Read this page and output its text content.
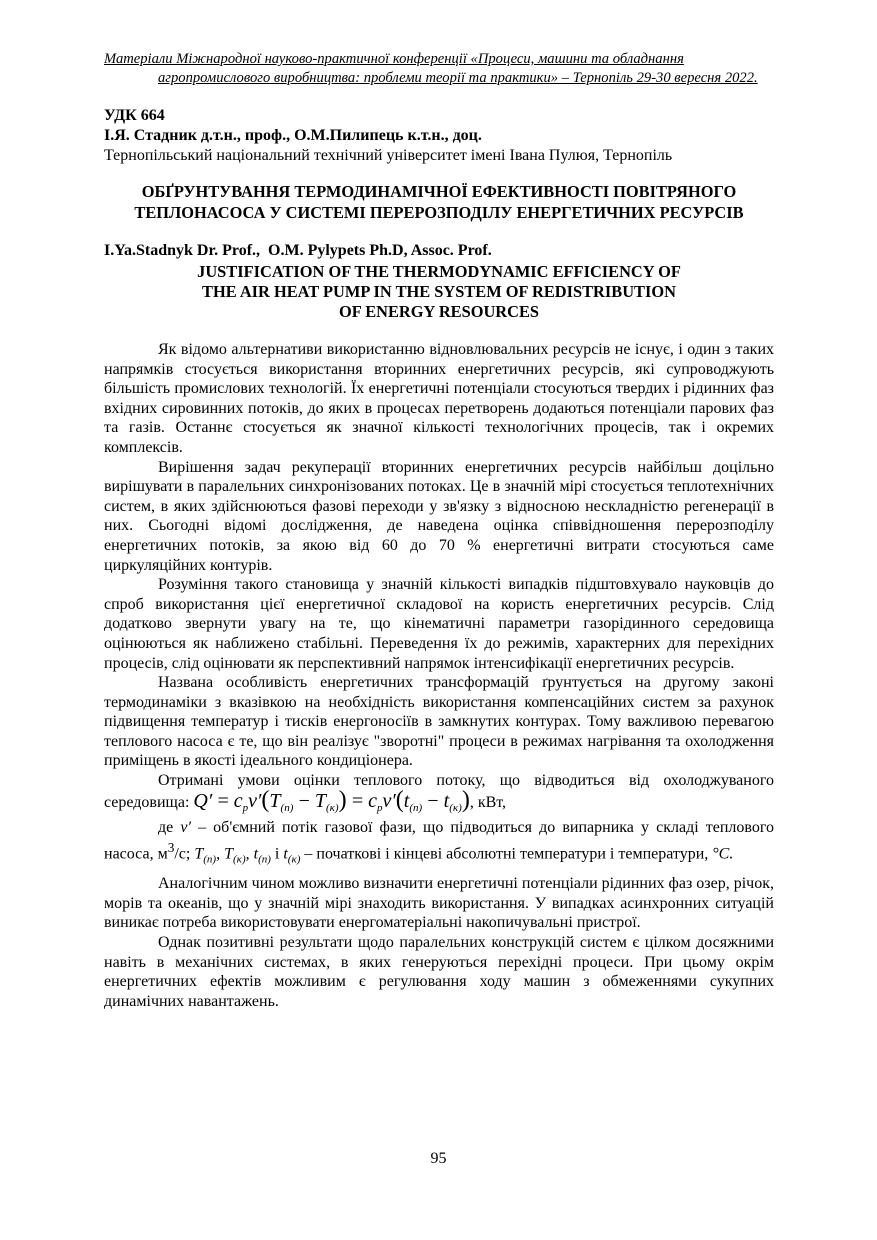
Матеріали Міжнародної науково-практичної конференції «Процеси, машини та обладнання
агропромислового виробництва: проблеми теорії та практики» – Тернопіль 29-30 вересня 2022.
УДК 664
І.Я. Стадник д.т.н., проф., О.М.Пилипець к.т.н., доц.
Тернопільський національний технічний університет імені Івана Пулюя, Тернопіль
ОБҐРУНТУВАННЯ ТЕРМОДИНАМІЧНОЇ ЕФЕКТИВНОСТІ ПОВІТРЯНОГО
ТЕПЛОНАСОСА У СИСТЕМІ ПЕРЕРОЗПОДІЛУ ЕНЕРГЕТИЧНИХ РЕСУРСІВ
I.Ya.Stadnyk Dr. Prof.,  O.M. Pylypets Ph.D, Assoc. Prof.
JUSTIFICATION OF THE THERMODYNAMIC EFFICIENCY OF
THE AIR HEAT PUMP IN THE SYSTEM OF REDISTRIBUTION
OF ENERGY RESOURCES

Як відомо альтернативи використанню відновлювальних ресурсів не існує, і один з таких напрямків стосується використання вторинних енергетичних ресурсів, які супроводжують більшість промислових технологій. Їх енергетичні потенціали стосуються твердих і рідинних фаз вхідних сировинних потоків, до яких в процесах перетворень додаються потенціали парових фаз та газів. Останнє стосується як значної кількості технологічних процесів, так і окремих комплексів.

Вирішення задач рекуперації вторинних енергетичних ресурсів найбільш доцільно вирішувати в паралельних синхронізованих потоках. Це в значній мірі стосується теплотехнічних систем, в яких здійснюються фазові переходи у зв'язку з відносною нескладністю регенерації в них. Сьогодні відомі дослідження, де наведена оцінка співвідношення перерозподілу енергетичних потоків, за якою від 60 до 70 % енергетичні витрати стосуються саме циркуляційних контурів.

Розуміння такого становища у значній кількості випадків підштовхувало науковців до спроб використання цієї енергетичної складової на користь енергетичних ресурсів. Слід додатково звернути увагу на те, що кінематичні параметри газорідинного середовища оцінюються як наближено стабільні. Переведення їх до режимів, характерних для перехідних процесів, слід оцінювати як перспективний напрямок інтенсифікації енергетичних ресурсів.

Названа особливість енергетичних трансформацій ґрунтується на другому законі термодинаміки з вказівкою на необхідність використання компенсаційних систем за рахунок підвищення температур і тисків енергоносіїв в замкнутих контурах. Тому важливою перевагою теплового насоса є те, що він реалізує "зворотні" процеси в режимах нагрівання та охолодження приміщень в якості ідеального кондиціонера.

Отримані умови оцінки теплового потоку, що відводиться від охолоджуваного середовища: $Q' = c_pv'(T_{(n)} - T_{(\kappa)}) = c_pv'(t_{(n)} - t_{(\kappa)})$, кВт,

де v′ – об'ємний потік газової фази, що підводиться до випарника у складі теплового насоса, $м^3/с$; $T_{(n)}$, $T_{(\kappa)}$, $t_{(n)}$ і $t_{(\kappa)}$ – початкові і кінцеві абсолютні температури і температури, °C.

Аналогічним чином можливо визначити енергетичні потенціали рідинних фаз озер, річок, морів та океанів, що у значній мірі знаходить використання. У випадках асинхронних ситуацій виникає потреба використовувати енергоматеріальні накопичувальні пристрої.

Однак позитивні результати щодо паралельних конструкцій систем є цілком досяжними навіть в механічних системах, в яких генеруються перехідні процеси. При цьому окрім енергетичних ефектів можливим є регулювання ходу машин з обмеженнями сукупних динамічних навантажень.

95
